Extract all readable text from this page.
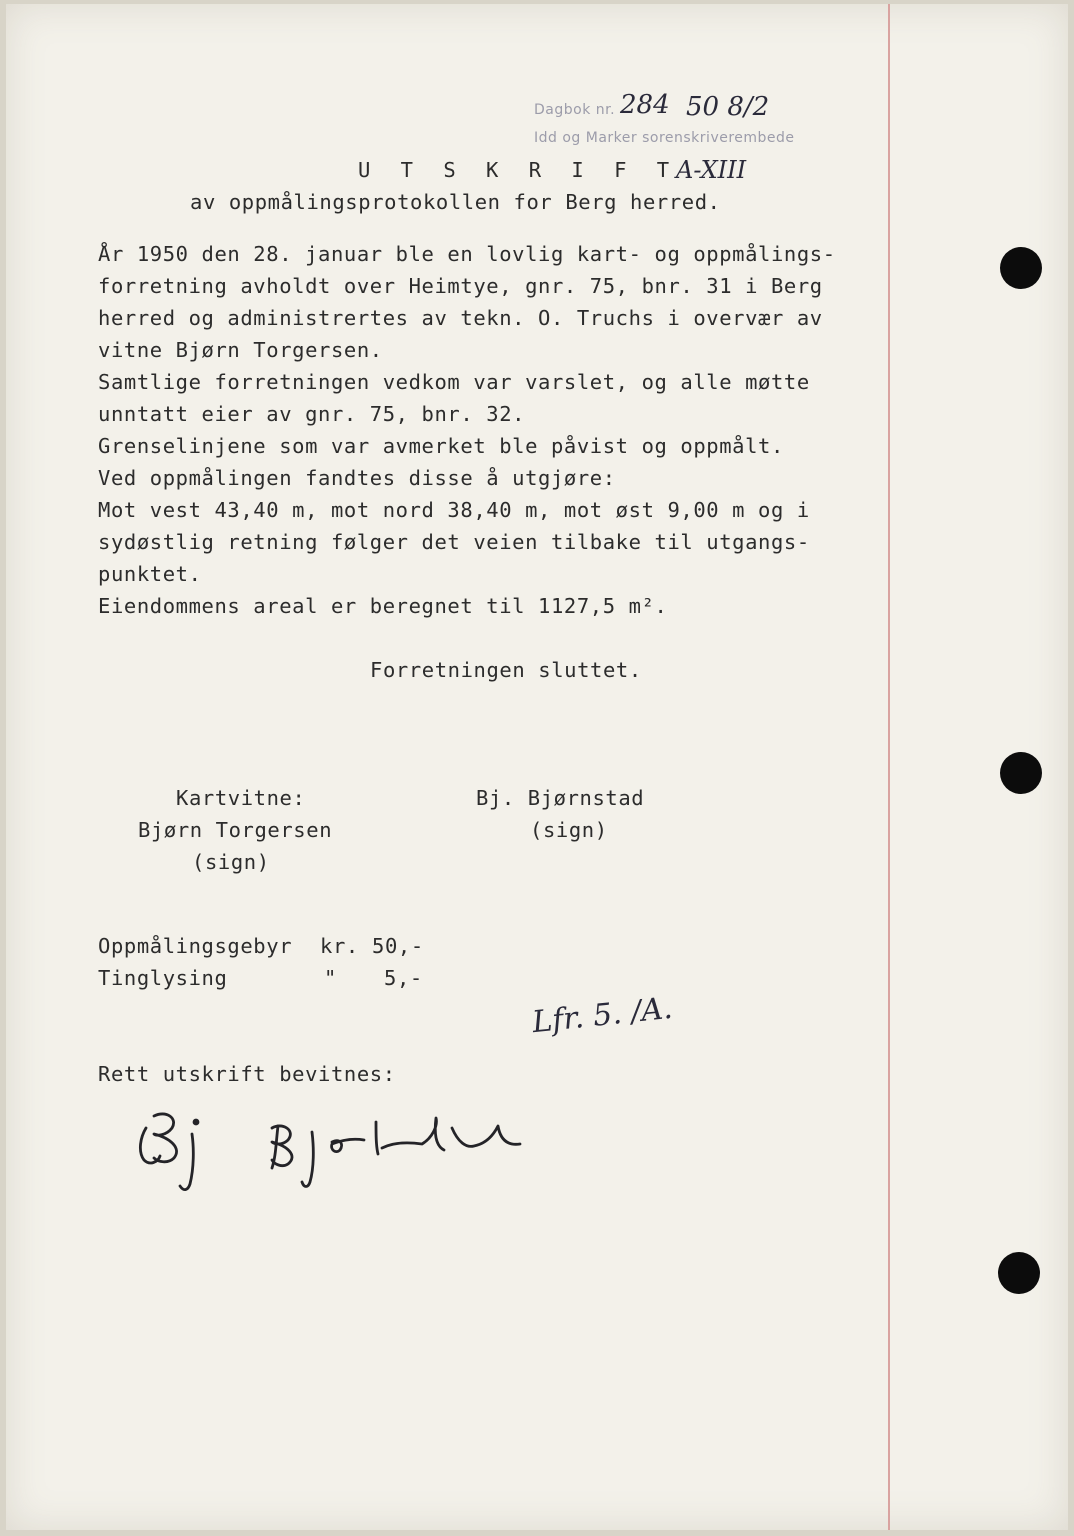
Dagbok nr.
Idd og Marker sorenskriverembede
284 50 8/2
A-XIII
U T S K R I F T
av oppmålingsprotokollen for Berg herred.
År 1950 den 28. januar ble en lovlig kart- og oppmålings-
forretning avholdt over Heimtye, gnr. 75, bnr. 31 i Berg
herred og administrertes av tekn. O. Truchs i overvær av
vitne Bjørn Torgersen.
Samtlige forretningen vedkom var varslet, og alle møtte
unntatt eier av gnr. 75, bnr. 32.
Grenselinjene som var avmerket ble påvist og oppmålt.
Ved oppmålingen fandtes disse å utgjøre:
Mot vest 43,40 m, mot nord 38,40 m, mot øst 9,00 m og i
sydøstlig retning følger det veien tilbake til utgangs-
punktet.
Eiendommens areal er beregnet til 1127,5 m².
Forretningen sluttet.
Kartvitne:
Bjørn Torgersen
(sign)
Bj. Bjørnstad
(sign)
Oppmålingsgebyr kr. 50,-
Tinglysing	" 5,-
Lfr. 5. /A.
Rett utskrift bevitnes:
